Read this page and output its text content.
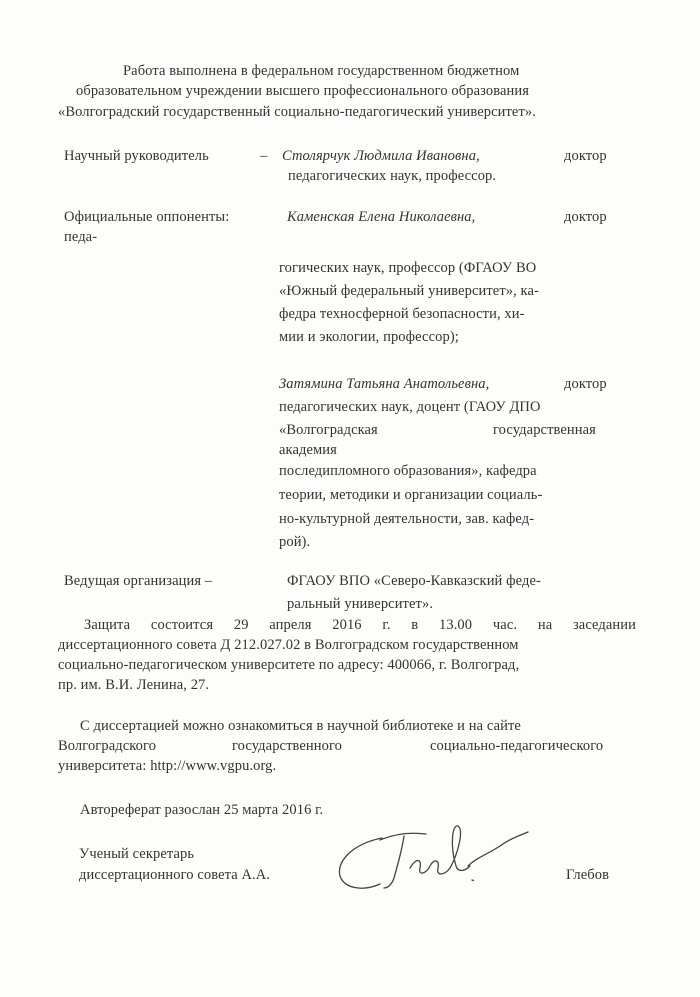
Работа выполнена в федеральном государственном бюджетном
образовательном учреждении высшего профессионального образования
«Волгоградский государственный социально-педагогический университет».
Научный руководитель	– Столярчук Людмила Ивановна,	доктор
педагогических наук, профессор.
Официальные оппоненты:	Каменская Елена Николаевна,	доктор
педа-
гогических наук, профессор (ФГАОУ ВО
«Южный федеральный университет», ка-
федра техносферной безопасности, хи-
мии и экологии, профессор);
Затямина Татьяна Анатольевна,	доктор
педагогических наук, доцент (ГАОУ ДПО
«Волгоградская	государственная
академия
последипломного образования», кафедра
теории, методики и организации социаль-
но-культурной деятельности, зав. кафед-
рой).
Ведущая организация –	ФГАОУ ВПО «Северо-Кавказский феде-
ральный университет».
Защита состоится 29 апреля 2016 г. в 13.00 час. на заседании
диссертационного совета Д 212.027.02 в Волгоградском государственном
социально-педагогическом университете по адресу: 400066, г. Волгоград,
пр. им. В.И. Ленина, 27.
С диссертацией можно ознакомиться в научной библиотеке и на сайте
Волгоградского	государственного	социально-педагогического
университета: http://www.vgpu.org.
Автореферат разослан 25 марта 2016 г.
Ученый секретарь
диссертационного совета А.А.	Глебов
